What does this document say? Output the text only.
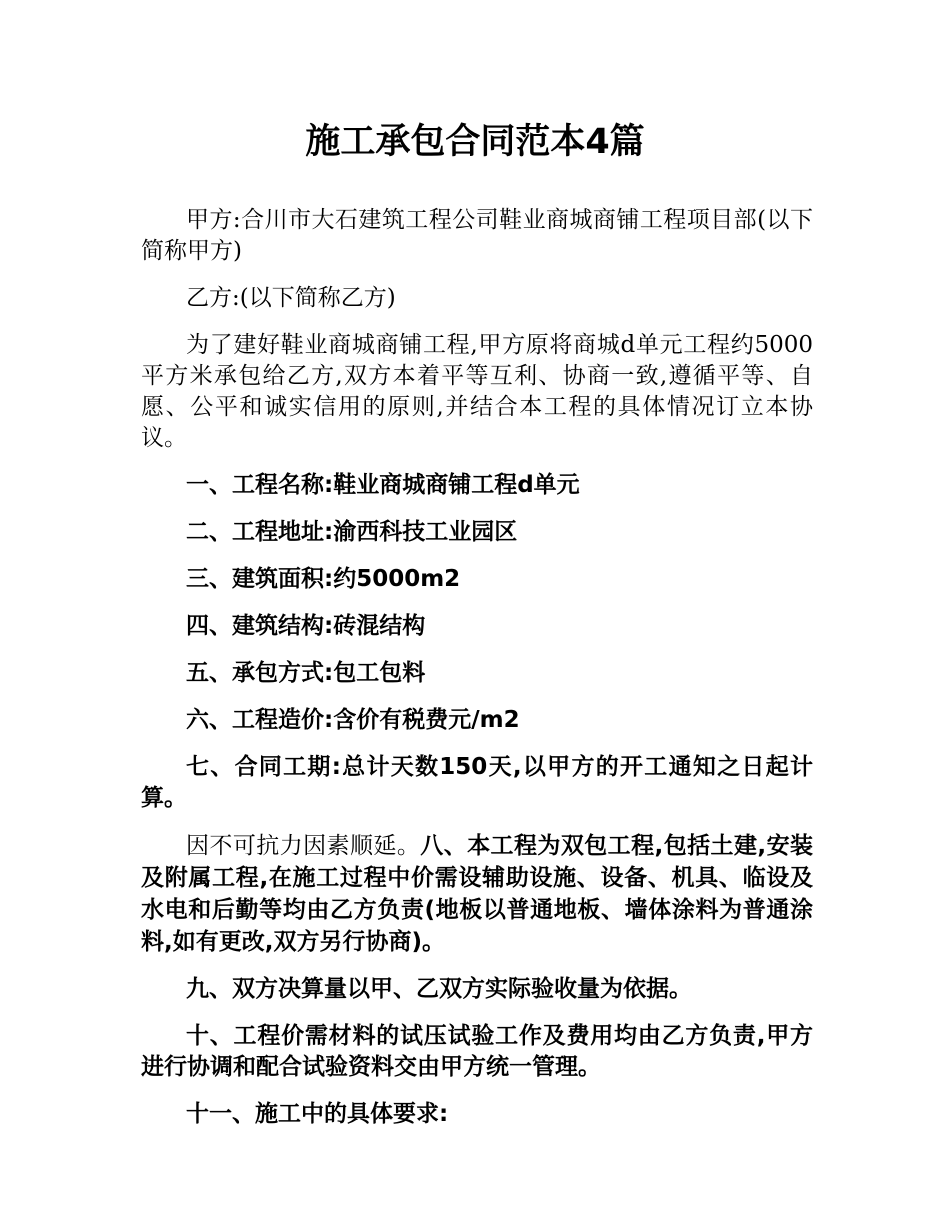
施工承包合同范本4篇

甲方:合川市大石建筑工程公司鞋业商城商铺工程项目部(以下简称甲方)

乙方:(以下简称乙方)

为了建好鞋业商城商铺工程,甲方原将商城d单元工程约5000平方米承包给乙方,双方本着平等互利、协商一致,遵循平等、自愿、公平和诚实信用的原则,并结合本工程的具体情况订立本协议。

一、工程名称:鞋业商城商铺工程d单元

二、工程地址:渝西科技工业园区

三、建筑面积:约5000m2

四、建筑结构:砖混结构

五、承包方式:包工包料

六、工程造价:含价有税费元/m2

七、合同工期:总计天数150天,以甲方的开工通知之日起计算。

因不可抗力因素顺延。八、本工程为双包工程,包括土建,安装及附属工程,在施工过程中价需设辅助设施、设备、机具、临设及水电和后勤等均由乙方负责(地板以普通地板、墙体涂料为普通涂料,如有更改,双方另行协商)。

九、双方决算量以甲、乙双方实际验收量为依据。

十、工程价需材料的试压试验工作及费用均由乙方负责,甲方进行协调和配合试验资料交由甲方统一管理。

十一、施工中的具体要求:
